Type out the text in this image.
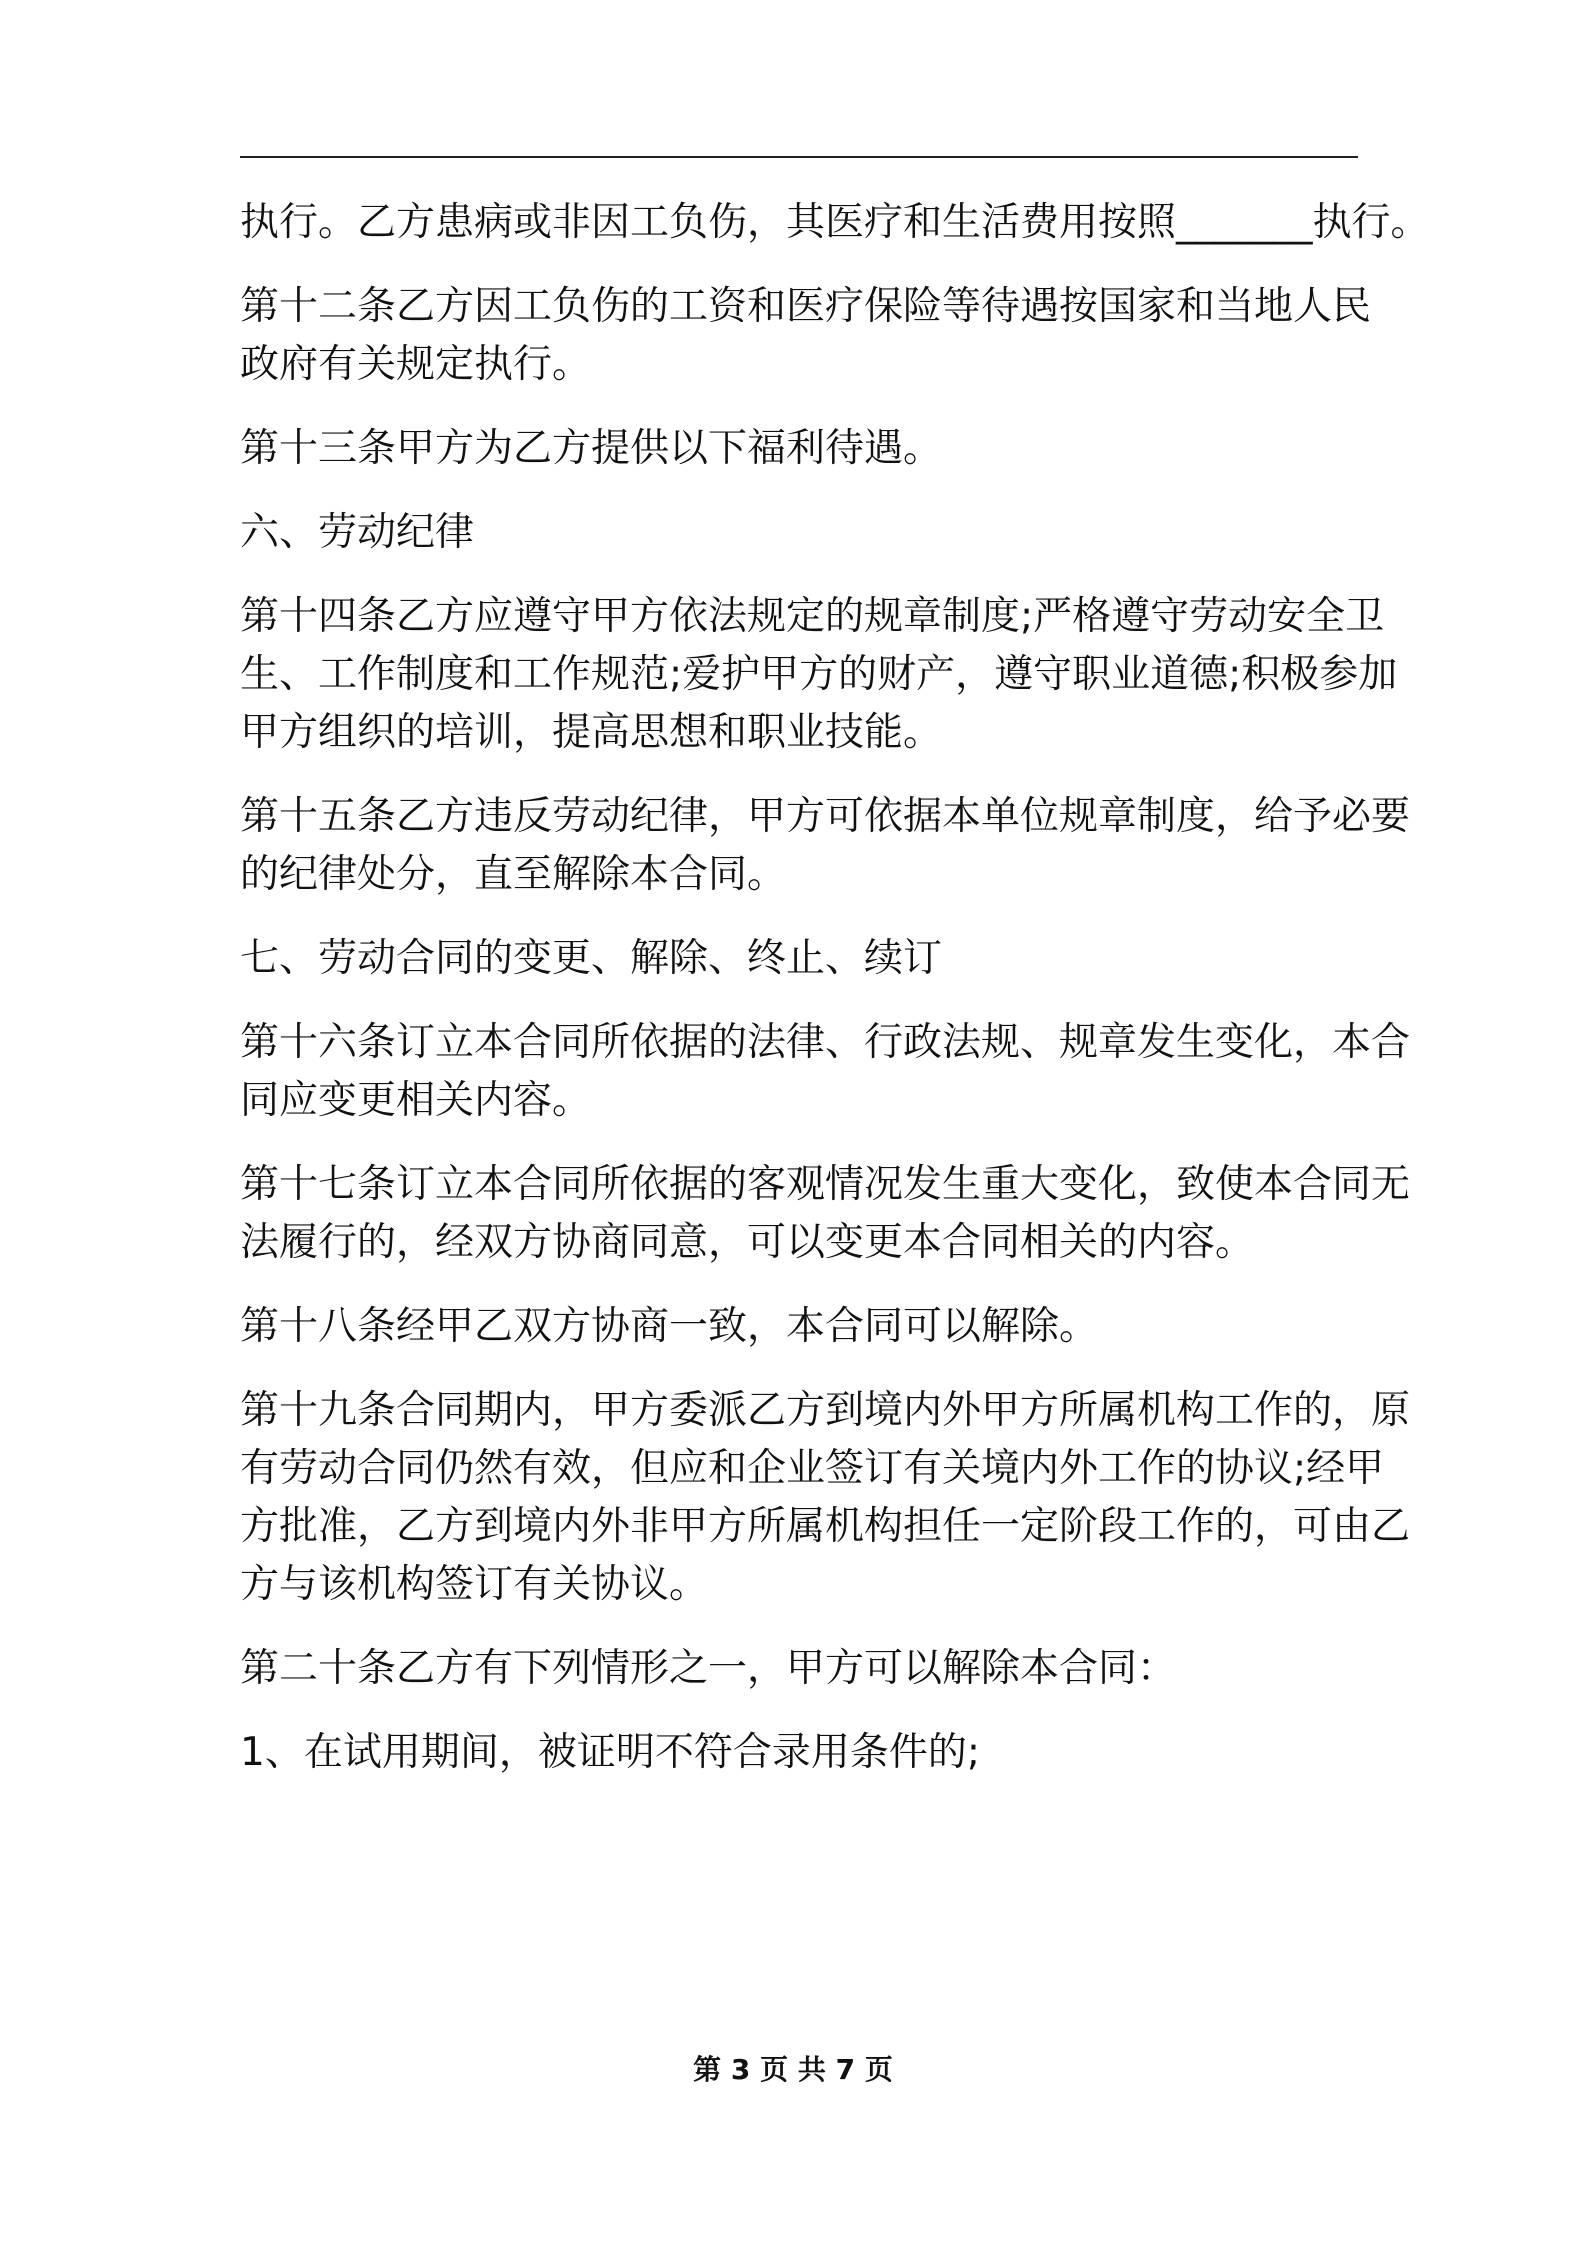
执行。乙方患病或非因工负伤，其医疗和生活费用按照_______执行。

第十二条乙方因工负伤的工资和医疗保险等待遇按国家和当地人民

政府有关规定执行。

第十三条甲方为乙方提供以下福利待遇。

六、劳动纪律

第十四条乙方应遵守甲方依法规定的规章制度;严格遵守劳动安全卫

生、工作制度和工作规范;爱护甲方的财产，遵守职业道德;积极参加

甲方组织的培训，提高思想和职业技能。

第十五条乙方违反劳动纪律，甲方可依据本单位规章制度，给予必要

的纪律处分，直至解除本合同。

七、劳动合同的变更、解除、终止、续订

第十六条订立本合同所依据的法律、行政法规、规章发生变化，本合

同应变更相关内容。

第十七条订立本合同所依据的客观情况发生重大变化，致使本合同无

法履行的，经双方协商同意，可以变更本合同相关的内容。

第十八条经甲乙双方协商一致，本合同可以解除。

第十九条合同期内，甲方委派乙方到境内外甲方所属机构工作的，原

有劳动合同仍然有效，但应和企业签订有关境内外工作的协议;经甲

方批准，乙方到境内外非甲方所属机构担任一定阶段工作的，可由乙

方与该机构签订有关协议。

第二十条乙方有下列情形之一，甲方可以解除本合同：

1、在试用期间，被证明不符合录用条件的;

第 3 页 共 7 页
